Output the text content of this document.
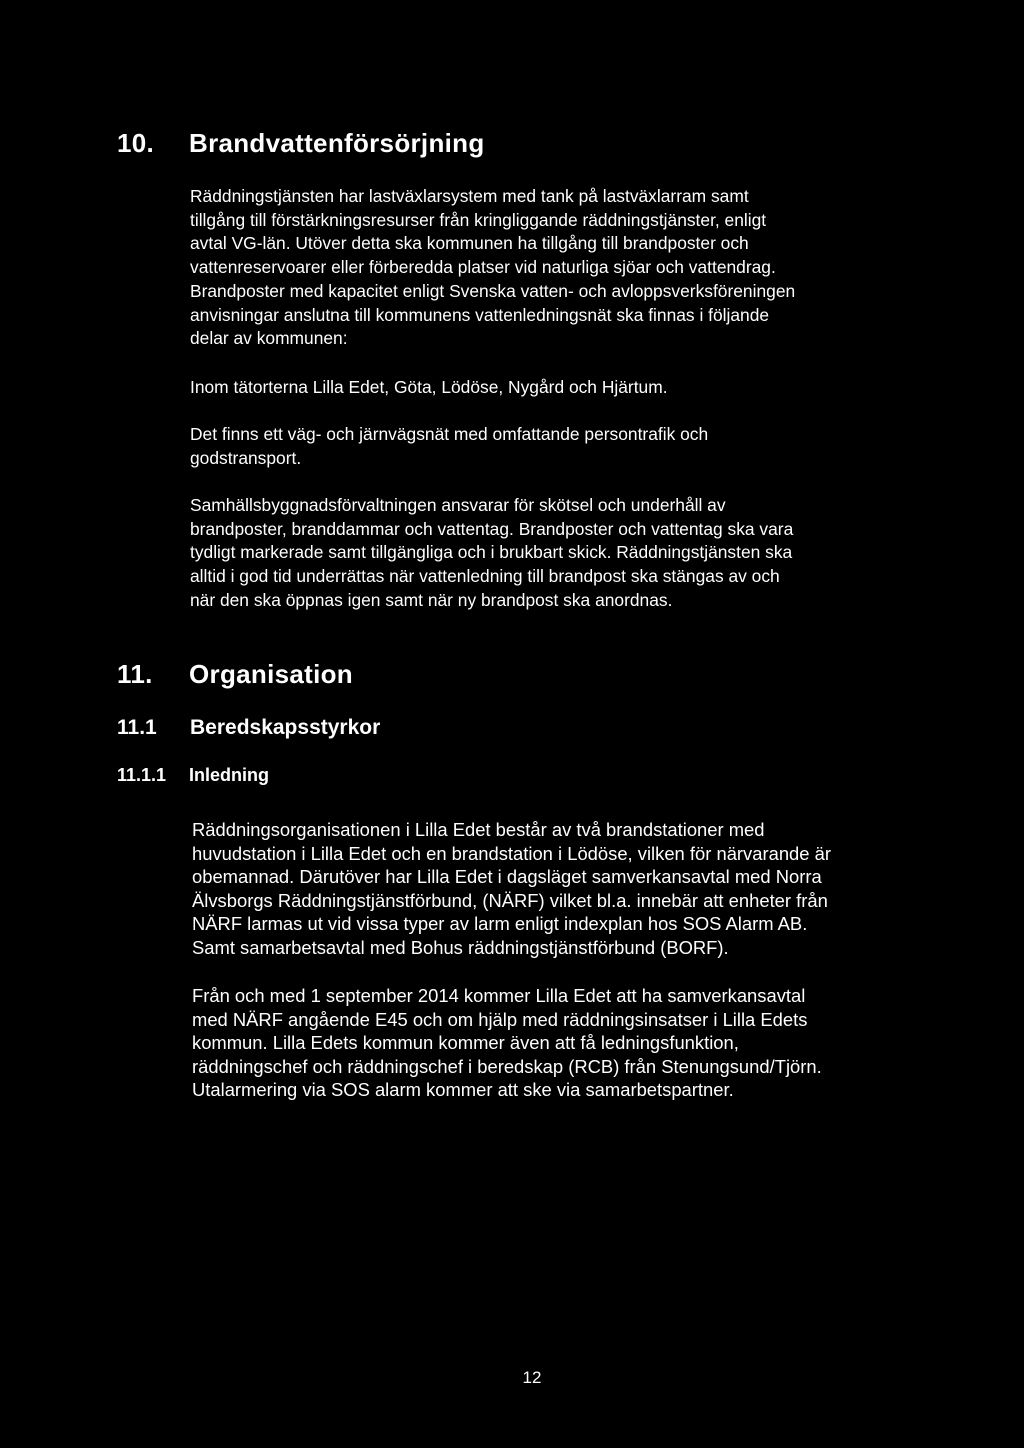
10. Brandvattenförsörjning

Räddningstjänsten har lastväxlarsystem med tank på lastväxlarram samt
tillgång till förstärkningsresurser från kringliggande räddningstjänster, enligt
avtal VG-län. Utöver detta ska kommunen ha tillgång till brandposter och
vattenreservoarer eller förberedda platser vid naturliga sjöar och vattendrag.
Brandposter med kapacitet enligt Svenska vatten- och avloppsverksföreningen
anvisningar anslutna till kommunens vattenledningsnät ska finnas i följande
delar av kommunen:

Inom tätorterna Lilla Edet, Göta, Lödöse, Nygård och Hjärtum.

Det finns ett väg- och järnvägsnät med omfattande persontrafik och
godstransport.

Samhällsbyggnadsförvaltningen ansvarar för skötsel och underhåll av
brandposter, branddammar och vattentag. Brandposter och vattentag ska vara
tydligt markerade samt tillgängliga och i brukbart skick. Räddningstjänsten ska
alltid i god tid underrättas när vattenledning till brandpost ska stängas av och
när den ska öppnas igen samt när ny brandpost ska anordnas.

11. Organisation
11.1 Beredskapsstyrkor
11.1.1 Inledning

Räddningsorganisationen i Lilla Edet består av två brandstationer med
huvudstation i Lilla Edet och en brandstation i Lödöse, vilken för närvarande är
obemannad. Därutöver har Lilla Edet i dagsläget samverkansavtal med Norra
Älvsborgs Räddningstjänstförbund, (NÄRF) vilket bl.a. innebär att enheter från
NÄRF larmas ut vid vissa typer av larm enligt indexplan hos SOS Alarm AB.
Samt samarbetsavtal med Bohus räddningstjänstförbund (BORF).

Från och med 1 september 2014 kommer Lilla Edet att ha samverkansavtal
med NÄRF angående E45 och om hjälp med räddningsinsatser i Lilla Edets
kommun. Lilla Edets kommun kommer även att få ledningsfunktion,
räddningschef och räddningschef i beredskap (RCB) från Stenungsund/Tjörn.
Utalarmering via SOS alarm kommer att ske via samarbetspartner.

12
